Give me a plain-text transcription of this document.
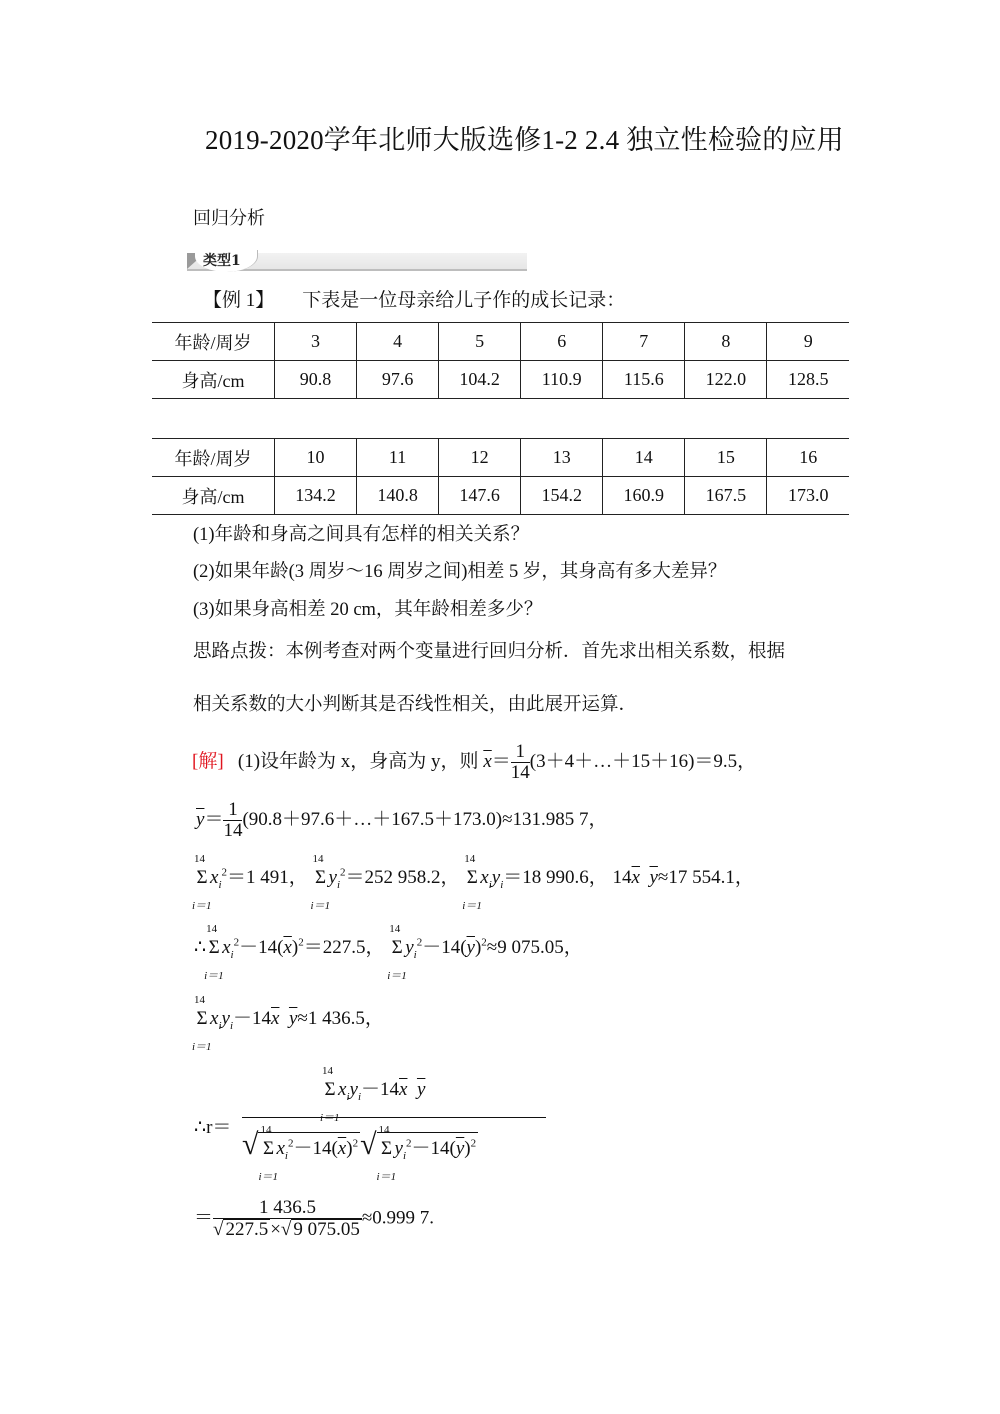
2019-2020学年北师大版选修1-2 2.4 独立性检验的应用
回归分析
类型1
【例 1】 下表是一位母亲给儿子作的成长记录：
年龄/周岁	3	4	5	6	7	8	9
身高/cm	90.8	97.6	104.2	110.9	115.6	122.0	128.5
年龄/周岁	10	11	12	13	14	15	16
身高/cm	134.2	140.8	147.6	154.2	160.9	167.5	173.0
(1)年龄和身高之间具有怎样的相关关系？
(2)如果年龄(3 周岁～16 周岁之间)相差 5 岁，其身高有多大差异？
(3)如果身高相差 20 cm，其年龄相差多少？
思路点拨：本例考查对两个变量进行回归分析．首先求出相关系数，根据
相关系数的大小判断其是否线性相关，由此展开运算．
[解] (1)设年龄为 x，身高为 y，则 $\overline{x}= \frac{1}{14}$ (3＋4＋…＋15＋16)＝9.5，
$\overline{y}= \frac{1}{14}$ (90.8＋97.6＋…＋167.5＋173.0)≈131.985 7，
Σ
14
i＝1
$x_i^2=1$ 491， Σ
14
i＝1
$y_i^2=252$ 958.2， Σ
14
i＝1
$x_iy_i=18$ 990.6， $14\overline{x}$ $\overline{y}\approx 17$ 554.1，
∴ Σ
14
i＝1
$x_i^2-14(\overline{x})^2=227.5$， Σ
14
i＝1
$y_i^2-14(\overline{y})^2\approx 9$ 075.05，
Σ
14
i＝1
$x_iy_i-14\overline{x}$ $\overline{y}\approx 1$ 436.5，
∴r＝
Σ
14
i＝1
$x_iy_i-14\overline{x}$ $\overline{y}$
√ Σ
14
i＝1
$x_i^2-14(\overline{x})^2√$ Σ
14
i＝1
$y_i^2-14(\overline{y})^2$
＝ $\frac{1 436.5}{√ 227.5 \times√ 9 075.05} \approx 0.999$ 7.
